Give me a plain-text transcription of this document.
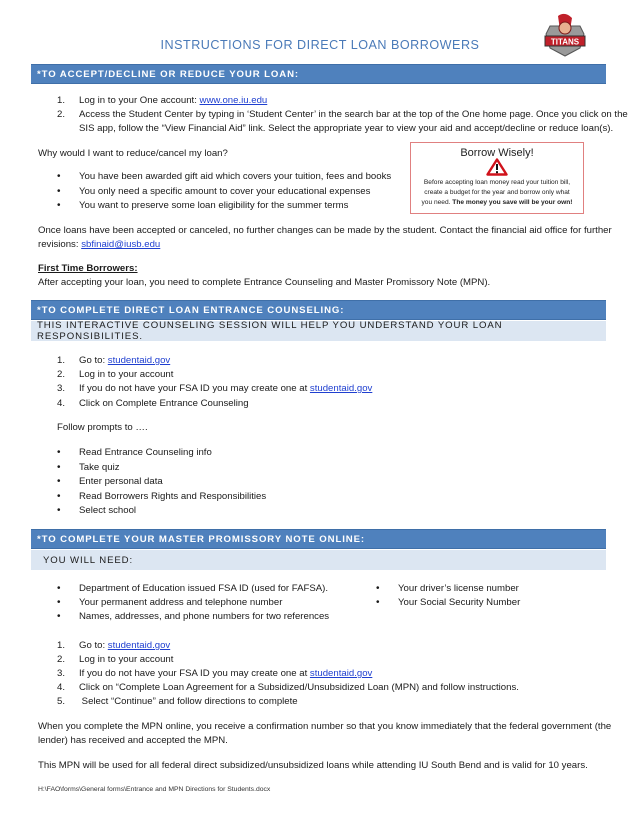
INSTRUCTIONS FOR DIRECT LOAN BORROWERS	TITANS
*TO ACCEPT/DECLINE OR REDUCE YOUR LOAN:
1. Log in to your One account: www.one.iu.edu
2. Access the Student Center by typing in ‘Student Center’ in the search bar at the top of the One home page. Once you click on the
SIS app, follow the “View Financial Aid” link. Select the appropriate year to view your aid and accept/decline or reduce loan(s).
Why would I want to reduce/cancel my loan?
• You have been awarded gift aid which covers your tuition, fees and books
• You only need a specific amount to cover your educational expenses
• You want to preserve some loan eligibility for the summer terms
Borrow Wisely!
Before accepting loan money read your tuition bill,
create a budget for the year and borrow only what
you need. The money you save will be your own!
Once loans have been accepted or canceled, no further changes can be made by the student. Contact the financial aid office for further
revisions: sbfinaid@iusb.edu
First Time Borrowers:
After accepting your loan, you need to complete Entrance Counseling and Master Promissory Note (MPN).
*TO COMPLETE DIRECT LOAN ENTRANCE COUNSELING:
THIS INTERACTIVE COUNSELING SESSION WILL HELP YOU UNDERSTAND YOUR LOAN RESPONSIBILITIES.
1. Go to: studentaid.gov
2. Log in to your account
3. If you do not have your FSA ID you may create one at studentaid.gov
4. Click on Complete Entrance Counseling
Follow prompts to ….
• Read Entrance Counseling info
• Take quiz
• Enter personal data
• Read Borrowers Rights and Responsibilities
• Select school
*TO COMPLETE YOUR MASTER PROMISSORY NOTE ONLINE:
YOU WILL NEED:
• Department of Education issued FSA ID (used for FAFSA).
• Your permanent address and telephone number
• Names, addresses, and phone numbers for two references
• Your driver’s license number
• Your Social Security Number
1. Go to: studentaid.gov
2. Log in to your account
3. If you do not have your FSA ID you may create one at studentaid.gov
4. Click on “Complete Loan Agreement for a Subsidized/Unsubsidized Loan (MPN) and follow instructions.
5. Select “Continue” and follow directions to complete
When you complete the MPN online, you receive a confirmation number so that you know immediately that the federal government (the
lender) has received and accepted the MPN.
This MPN will be used for all federal direct subsidized/unsubsidized loans while attending IU South Bend and is valid for 10 years.
H:\FAO\forms\General forms\Entrance and MPN Directions for Students.docx
